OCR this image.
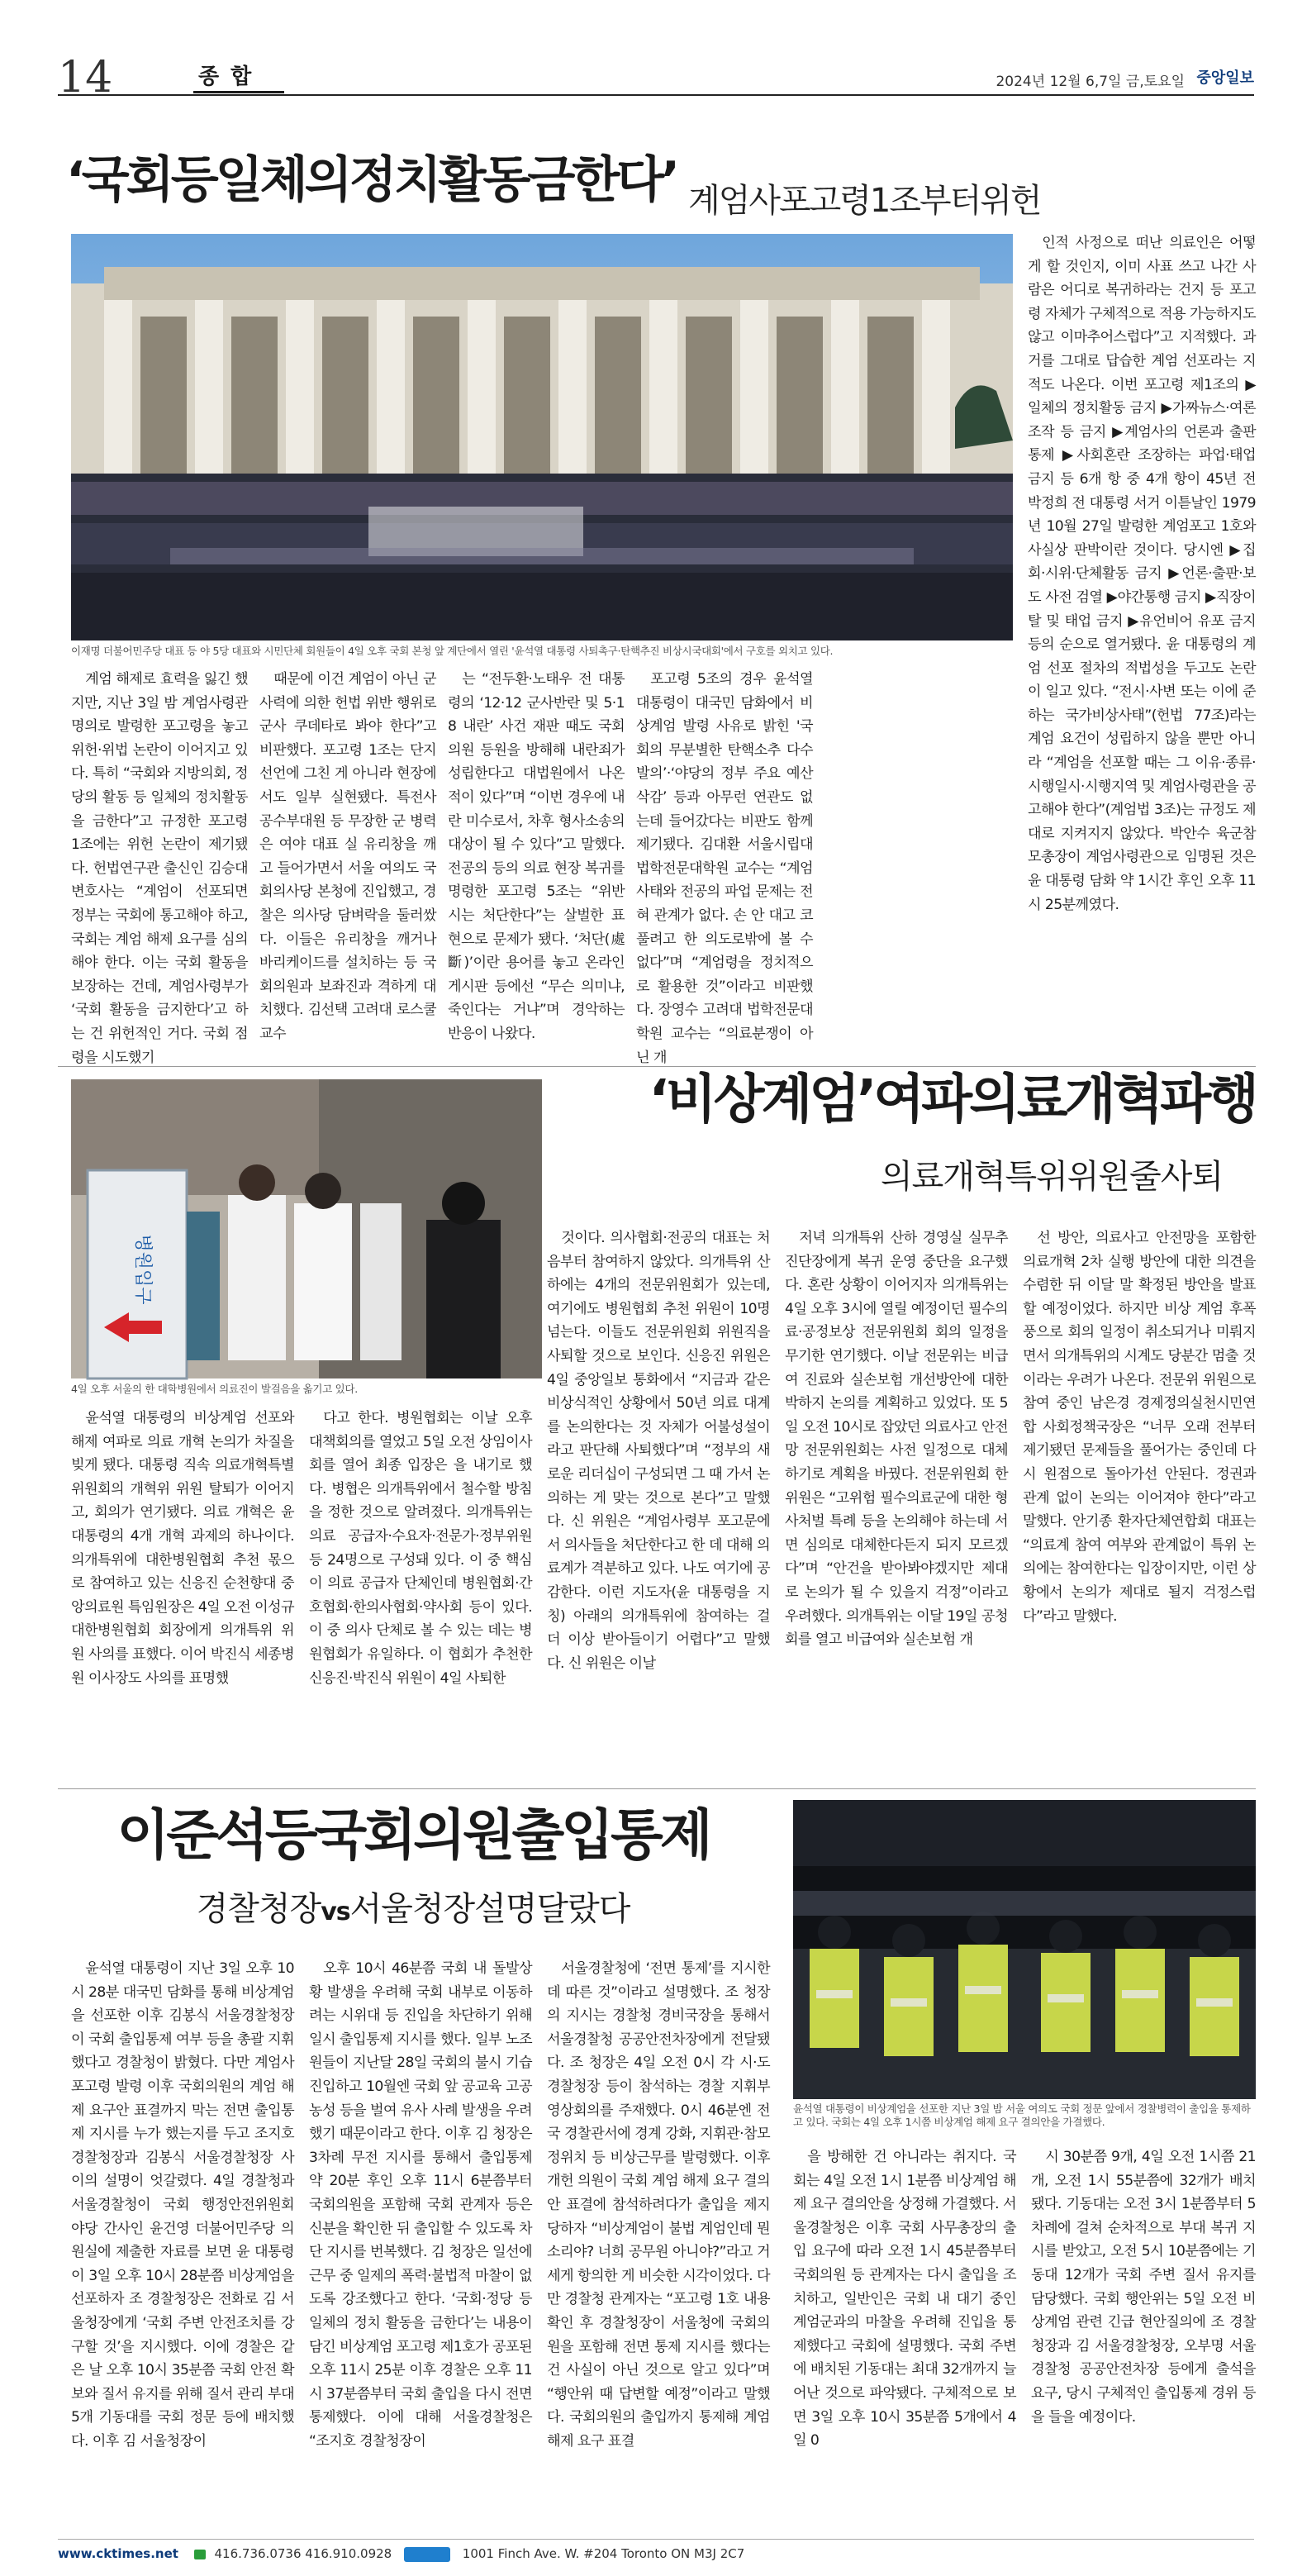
14	종합	2024년 12월 6,7일 금,토요일 중앙일보
‘국회등일체의정치활동금한다’ 계엄사포고령1조부터위헌
이재명 더불어민주당 대표 등 야 5당 대표와 시민단체 회원들이 4일 오후 국회 본청 앞 계단에서 열린 '윤석열 대통령 사퇴촉구·탄핵추진 비상시국대회'에서 구호를 외치고 있다.

계엄 해제로 효력을 잃긴 했지만, 지난 3일 밤 계엄사령관 명의로 발령한 포고령을 놓고 위헌·위법 논란이 이어지고 있다. 특히 “국회와 지방의회, 정당의 활동 등 일체의 정치활동을 금한다”고 규정한 포고령 1조에는 위헌 논란이 제기됐다. 헌법연구관 출신인 김승대 변호사는 “계엄이 선포되면 정부는 국회에 통고해야 하고, 국회는 계엄 해제 요구를 심의해야 한다. 이는 국회 활동을 보장하는 건데, 계엄사령부가 ‘국회 활동을 금지한다’고 하는 건 위헌적인 거다. 국회 점령을 시도했기

때문에 이건 계엄이 아닌 군사력에 의한 헌법 위반 행위로 군사 쿠데타로 봐야 한다”고 비판했다. 포고령 1조는 단지 선언에 그친 게 아니라 현장에서도 일부 실현됐다. 특전사 공수부대원 등 무장한 군 병력은 여야 대표 실 유리창을 깨고 들어가면서 서울 여의도 국회의사당 본청에 진입했고, 경찰은 의사당 담벼락을 둘러쌌다. 이들은 유리창을 깨거나 바리케이드를 설치하는 등 국회의원과 보좌진과 격하게 대치했다. 김선택 고려대 로스쿨 교수

는 “전두환·노태우 전 대통령의 ‘12·12 군사반란 및 5·18 내란’ 사건 재판 때도 국회의원 등원을 방해해 내란죄가 성립한다고 대법원에서 나온 적이 있다”며 “이번 경우에 내란 미수로서, 차후 형사소송의 대상이 될 수 있다”고 말했다. 전공의 등의 의료 현장 복귀를 명령한 포고령 5조는 “위반 시는 처단한다”는 살벌한 표현으로 문제가 됐다. ‘처단(處斷)’이란 용어를 놓고 온라인 게시판 등에선 “무슨 의미냐, 죽인다는 거냐”며 경악하는 반응이 나왔다.

포고령 5조의 경우 윤석열 대통령이 대국민 담화에서 비상계엄 발령 사유로 밝힌 '국회의 무분별한 탄핵소추 다수 발의’·‘야당의 정부 주요 예산 삭감’ 등과 아무런 연관도 없는데 들어갔다는 비판도 함께 제기됐다. 김대환 서울시립대 법학전문대학원 교수는 “계엄 사태와 전공의 파업 문제는 전혀 관계가 없다. 손 안 대고 코 풀려고 한 의도로밖에 볼 수 없다”며 “계엄령을 정치적으로 활용한 것”이라고 비판했다. 장영수 고려대 법학전문대학원 교수는 “의료분쟁이 아닌 개

인적 사정으로 떠난 의료인은 어떻게 할 것인지, 이미 사표 쓰고 나간 사람은 어디로 복귀하라는 건지 등 포고령 자체가 구체적으로 적용 가능하지도 않고 이마추어스럽다”고 지적했다. 과거를 그대로 답습한 계엄 선포라는 지적도 나온다. 이번 포고령 제1조의 ▶일체의 정치활동 금지 ▶가짜뉴스·여론조작 등 금지 ▶계엄사의 언론과 출판 통제 ▶사회혼란 조장하는 파업·태업 금지 등 6개 항 중 4개 항이 45년 전 박정희 전 대통령 서거 이튿날인 1979년 10월 27일 발령한 계엄포고 1호와 사실상 판박이란 것이다. 당시엔 ▶집회·시위·단체활동 금지 ▶언론·출판·보도 사전 검열 ▶야간통행 금지 ▶직장이탈 및 태업 금지 ▶유언비어 유포 금지 등의 순으로 열거됐다. 윤 대통령의 계엄 선포 절차의 적법성을 두고도 논란이 일고 있다. “전시·사변 또는 이에 준하는 국가비상사태”(헌법 77조)라는 계엄 요건이 성립하지 않을 뿐만 아니라 “계엄을 선포할 때는 그 이유·종류·시행일시·시행지역 및 계엄사령관을 공고해야 한다”(계엄법 3조)는 규정도 제대로 지켜지지 않았다. 박안수 육군참모총장이 계엄사령관으로 임명된 것은 윤 대통령 담화 약 1시간 후인 오후 11시 25분께였다.

병원입구
4일 오후 서울의 한 대학병원에서 의료진이 발걸음을 옮기고 있다.
‘비상계엄’여파의료개혁파행
의료개혁특위위원줄사퇴

윤석열 대통령의 비상계엄 선포와 해제 여파로 의료 개혁 논의가 차질을 빚게 됐다. 대통령 직속 의료개혁특별위원회의 개혁위 위원 탈퇴가 이어지고, 회의가 연기됐다. 의료 개혁은 윤 대통령의 4개 개혁 과제의 하나이다. 의개특위에 대한병원협회 추천 몫으로 참여하고 있는 신응진 순천향대 중앙의료원 특임원장은 4일 오전 이성규 대한병원협회 회장에게 의개특위 위원 사의를 표했다. 이어 박진식 세종병원 이사장도 사의를 표명했

다고 한다. 병원협회는 이날 오후 대책회의를 열었고 5일 오전 상임이사회를 열어 최종 입장은 을 내기로 했다. 병협은 의개특위에서 철수할 방침을 정한 것으로 알려졌다. 의개특위는 의료 공급자·수요자·전문가·정부위원 등 24명으로 구성돼 있다. 이 중 핵심이 의료 공급자 단체인데 병원협회·간호협회·한의사협회·약사회 등이 있다. 이 중 의사 단체로 볼 수 있는 데는 병원협회가 유일하다. 이 협회가 추천한 신응진·박진식 위원이 4일 사퇴한

것이다. 의사협회·전공의 대표는 처음부터 참여하지 않았다. 의개특위 산하에는 4개의 전문위원회가 있는데, 여기에도 병원협회 추천 위원이 10명 넘는다. 이들도 전문위원회 위원직을 사퇴할 것으로 보인다. 신응진 위원은 4일 중앙일보 통화에서 “지금과 같은 비상식적인 상황에서 50년 의료 대계를 논의한다는 것 자체가 어불성설이라고 판단해 사퇴했다”며 “정부의 새로운 리더십이 구성되면 그 때 가서 논의하는 게 맞는 것으로 본다”고 말했다. 신 위원은 “계엄사령부 포고문에서 의사들을 처단한다고 한 데 대해 의료계가 격분하고 있다. 나도 여기에 공감한다. 이런 지도자(윤 대통령을 지칭) 아래의 의개특위에 참여하는 걸 더 이상 받아들이기 어렵다”고 말했다. 신 위원은 이날

저녁 의개특위 산하 경영실 실무추진단장에게 복귀 운영 중단을 요구했다. 혼란 상황이 이어지자 의개특위는 4일 오후 3시에 열릴 예정이던 필수의료·공정보상 전문위원회 회의 일정을 무기한 연기했다. 이날 전문위는 비급여 진료와 실손보험 개선방안에 대한 박하지 논의를 계획하고 있었다. 또 5일 오전 10시로 잡았던 의료사고 안전망 전문위원회는 사전 일정으로 대체하기로 계획을 바꿨다. 전문위원회 한 위원은 “고위험 필수의료군에 대한 형사처벌 특례 등을 논의해야 하는데 서면 심의로 대체한다든지 되지 모르겠다”며 “안건을 받아봐야겠지만 제대로 논의가 될 수 있을지 걱정”이라고 우려했다. 의개특위는 이달 19일 공청회를 열고 비급여와 실손보험 개

선 방안, 의료사고 안전망을 포함한 의료개혁 2차 실행 방안에 대한 의견을 수렴한 뒤 이달 말 확정된 방안을 발표할 예정이었다. 하지만 비상 계엄 후폭풍으로 회의 일정이 취소되거나 미뤄지면서 의개특위의 시계도 당분간 멈출 것이라는 우려가 나온다. 전문위 위원으로 참여 중인 남은경 경제정의실천시민연합 사회정책국장은 “너무 오래 전부터 제기됐던 문제들을 풀어가는 중인데 다시 원점으로 돌아가선 안된다. 정권과 관계 없이 논의는 이어져야 한다”라고 말했다. 안기종 환자단체연합회 대표는 “의료계 참여 여부와 관계없이 특위 논의에는 참여한다는 입장이지만, 이런 상황에서 논의가 제대로 될지 걱정스럽다”라고 말했다.

이준석등국회의원출입통제
경찰청장vs서울청장설명달랐다
윤석열 대통령이 비상계엄을 선포한 지난 3일 밤 서울 여의도 국회 정문 앞에서 경찰병력이 출입을 통제하고 있다. 국회는 4일 오후 1시쯤 비상계엄 해제 요구 결의안을 가결했다.

윤석열 대통령이 지난 3일 오후 10시 28분 대국민 담화를 통해 비상계엄을 선포한 이후 김봉식 서울경찰청장이 국회 출입통제 여부 등을 총괄 지휘했다고 경찰청이 밝혔다. 다만 계엄사 포고령 발령 이후 국회의원의 계엄 해제 요구안 표결까지 막는 전면 출입통제 지시를 누가 했는지를 두고 조지호 경찰청장과 김봉식 서울경찰청장 사이의 설명이 엇갈렸다. 4일 경찰청과 서울경찰청이 국회 행정안전위원회 야당 간사인 윤건영 더불어민주당 의원실에 제출한 자료를 보면 윤 대통령이 3일 오후 10시 28분쯤 비상계엄을 선포하자 조 경찰청장은 전화로 김 서울청장에게 ‘국회 주변 안전조치를 강구할 것’을 지시했다. 이에 경찰은 같은 날 오후 10시 35분쯤 국회 안전 확보와 질서 유지를 위해 질서 관리 부대 5개 기동대를 국회 정문 등에 배치했다. 이후 김 서울청장이

오후 10시 46분쯤 국회 내 돌발상황 발생을 우려해 국회 내부로 이동하려는 시위대 등 진입을 차단하기 위해 일시 출입통제 지시를 했다. 일부 노조원들이 지난달 28일 국회의 불시 기습 진입하고 10월엔 국회 앞 공교육 고공 농성 등을 벌여 유사 사례 발생을 우려했기 때문이라고 한다. 이후 김 청장은 3차례 무전 지시를 통해서 출입통제 약 20분 후인 오후 11시 6분쯤부터 국회의원을 포함해 국회 관계자 등은 신분을 확인한 뒤 출입할 수 있도록 차단 지시를 번복했다. 김 청장은 일선에 근무 중 일제의 폭력·불법적 마찰이 없도록 강조했다고 한다. ‘국회·정당 등 일체의 정치 활동을 금한다’는 내용이 담긴 비상계엄 포고령 제1호가 공포된 오후 11시 25분 이후 경찰은 오후 11시 37분쯤부터 국회 출입을 다시 전면 통제했다. 이에 대해 서울경찰청은 “조지호 경찰청장이

서울경찰청에 ‘전면 통제’를 지시한 데 따른 것”이라고 설명했다. 조 청장의 지시는 경찰청 경비국장을 통해서 서울경찰청 공공안전차장에게 전달됐다. 조 청장은 4일 오전 0시 각 시·도경찰청장 등이 참석하는 경찰 지휘부 영상회의를 주재했다. 0시 46분엔 전국 경찰관서에 경계 강화, 지휘관·참모 정위치 등 비상근무를 발령했다. 이후 개헌 의원이 국회 계엄 해제 요구 결의안 표결에 참석하려다가 출입을 제지당하자 “비상계엄이 불법 계엄인데 뭔 소리야? 너희 공무원 아니야?”라고 거세게 항의한 게 비슷한 시각이었다. 다만 경찰청 관계자는 “포고령 1호 내용 확인 후 경찰청장이 서울청에 국회의원을 포함해 전면 통제 지시를 했다는 건 사실이 아닌 것으로 알고 있다”며 “행안위 때 답변할 예정”이라고 말했다. 국회의원의 출입까지 통제해 계엄 해제 요구 표결

을 방해한 건 아니라는 취지다. 국회는 4일 오전 1시 1분쯤 비상계엄 해제 요구 결의안을 상정해 가결했다. 서울경찰청은 이후 국회 사무총장의 출입 요구에 따라 오전 1시 45분쯤부터 국회의원 등 관계자는 다시 출입을 조치하고, 일반인은 국회 내 대기 중인 계엄군과의 마찰을 우려해 진입을 통제했다고 국회에 설명했다. 국회 주변에 배치된 기동대는 최대 32개까지 늘어난 것으로 파악됐다. 구체적으로 보면 3일 오후 10시 35분쯤 5개에서 4일 0

시 30분쯤 9개, 4일 오전 1시쯤 21개, 오전 1시 55분쯤에 32개가 배치됐다. 기동대는 오전 3시 1분쯤부터 5차례에 걸쳐 순차적으로 부대 복귀 지시를 받았고, 오전 5시 10분쯤에는 기동대 12개가 국회 주변 질서 유지를 담당했다. 국회 행안위는 5일 오전 비상계엄 관련 긴급 현안질의에 조 경찰청장과 김 서울경찰청장, 오부명 서울경찰청 공공안전차장 등에게 출석을 요구, 당시 구체적인 출입통제 경위 등을 들을 예정이다.

www.cktimes.net	416.736.0736 416.910.0928	1001 Finch Ave. W. #204 Toronto ON M3J 2C7
